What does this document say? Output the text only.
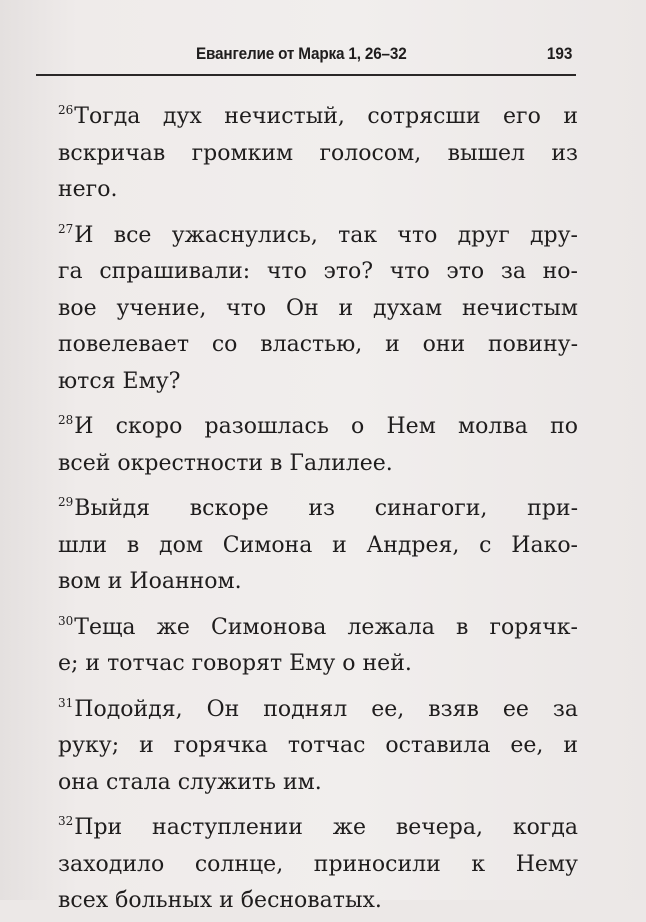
Евангелие от Марка 1, 26–32	193
$^{26}$Тогда дух нечистый, сотрясши его и
вскричав громким голосом, вышел из
него.
$^{27}$И все ужаснулись, так что друг дру-
га спрашивали: что это? что это за но-
вое учение, что Он и духам нечистым
повелевает со властью, и они повину-
ются Ему?
$^{28}$И скоро разошлась о Нем молва по
всей окрестности в Галилее.
$^{29}$Выйдя вскоре из синагоги, при-
шли в дом Симона и Андрея, с Иако-
вом и Иоанном.
$^{30}$Теща же Симонова лежала в горячк-
е; и тотчас говорят Ему о ней.
$^{31}$Подойдя, Он поднял ее, взяв ее за
руку; и горячка тотчас оставила ее, и
она стала служить им.
$^{32}$При наступлении же вечера, когда
заходило солнце, приносили к Нему
всех больных и бесноватых.
